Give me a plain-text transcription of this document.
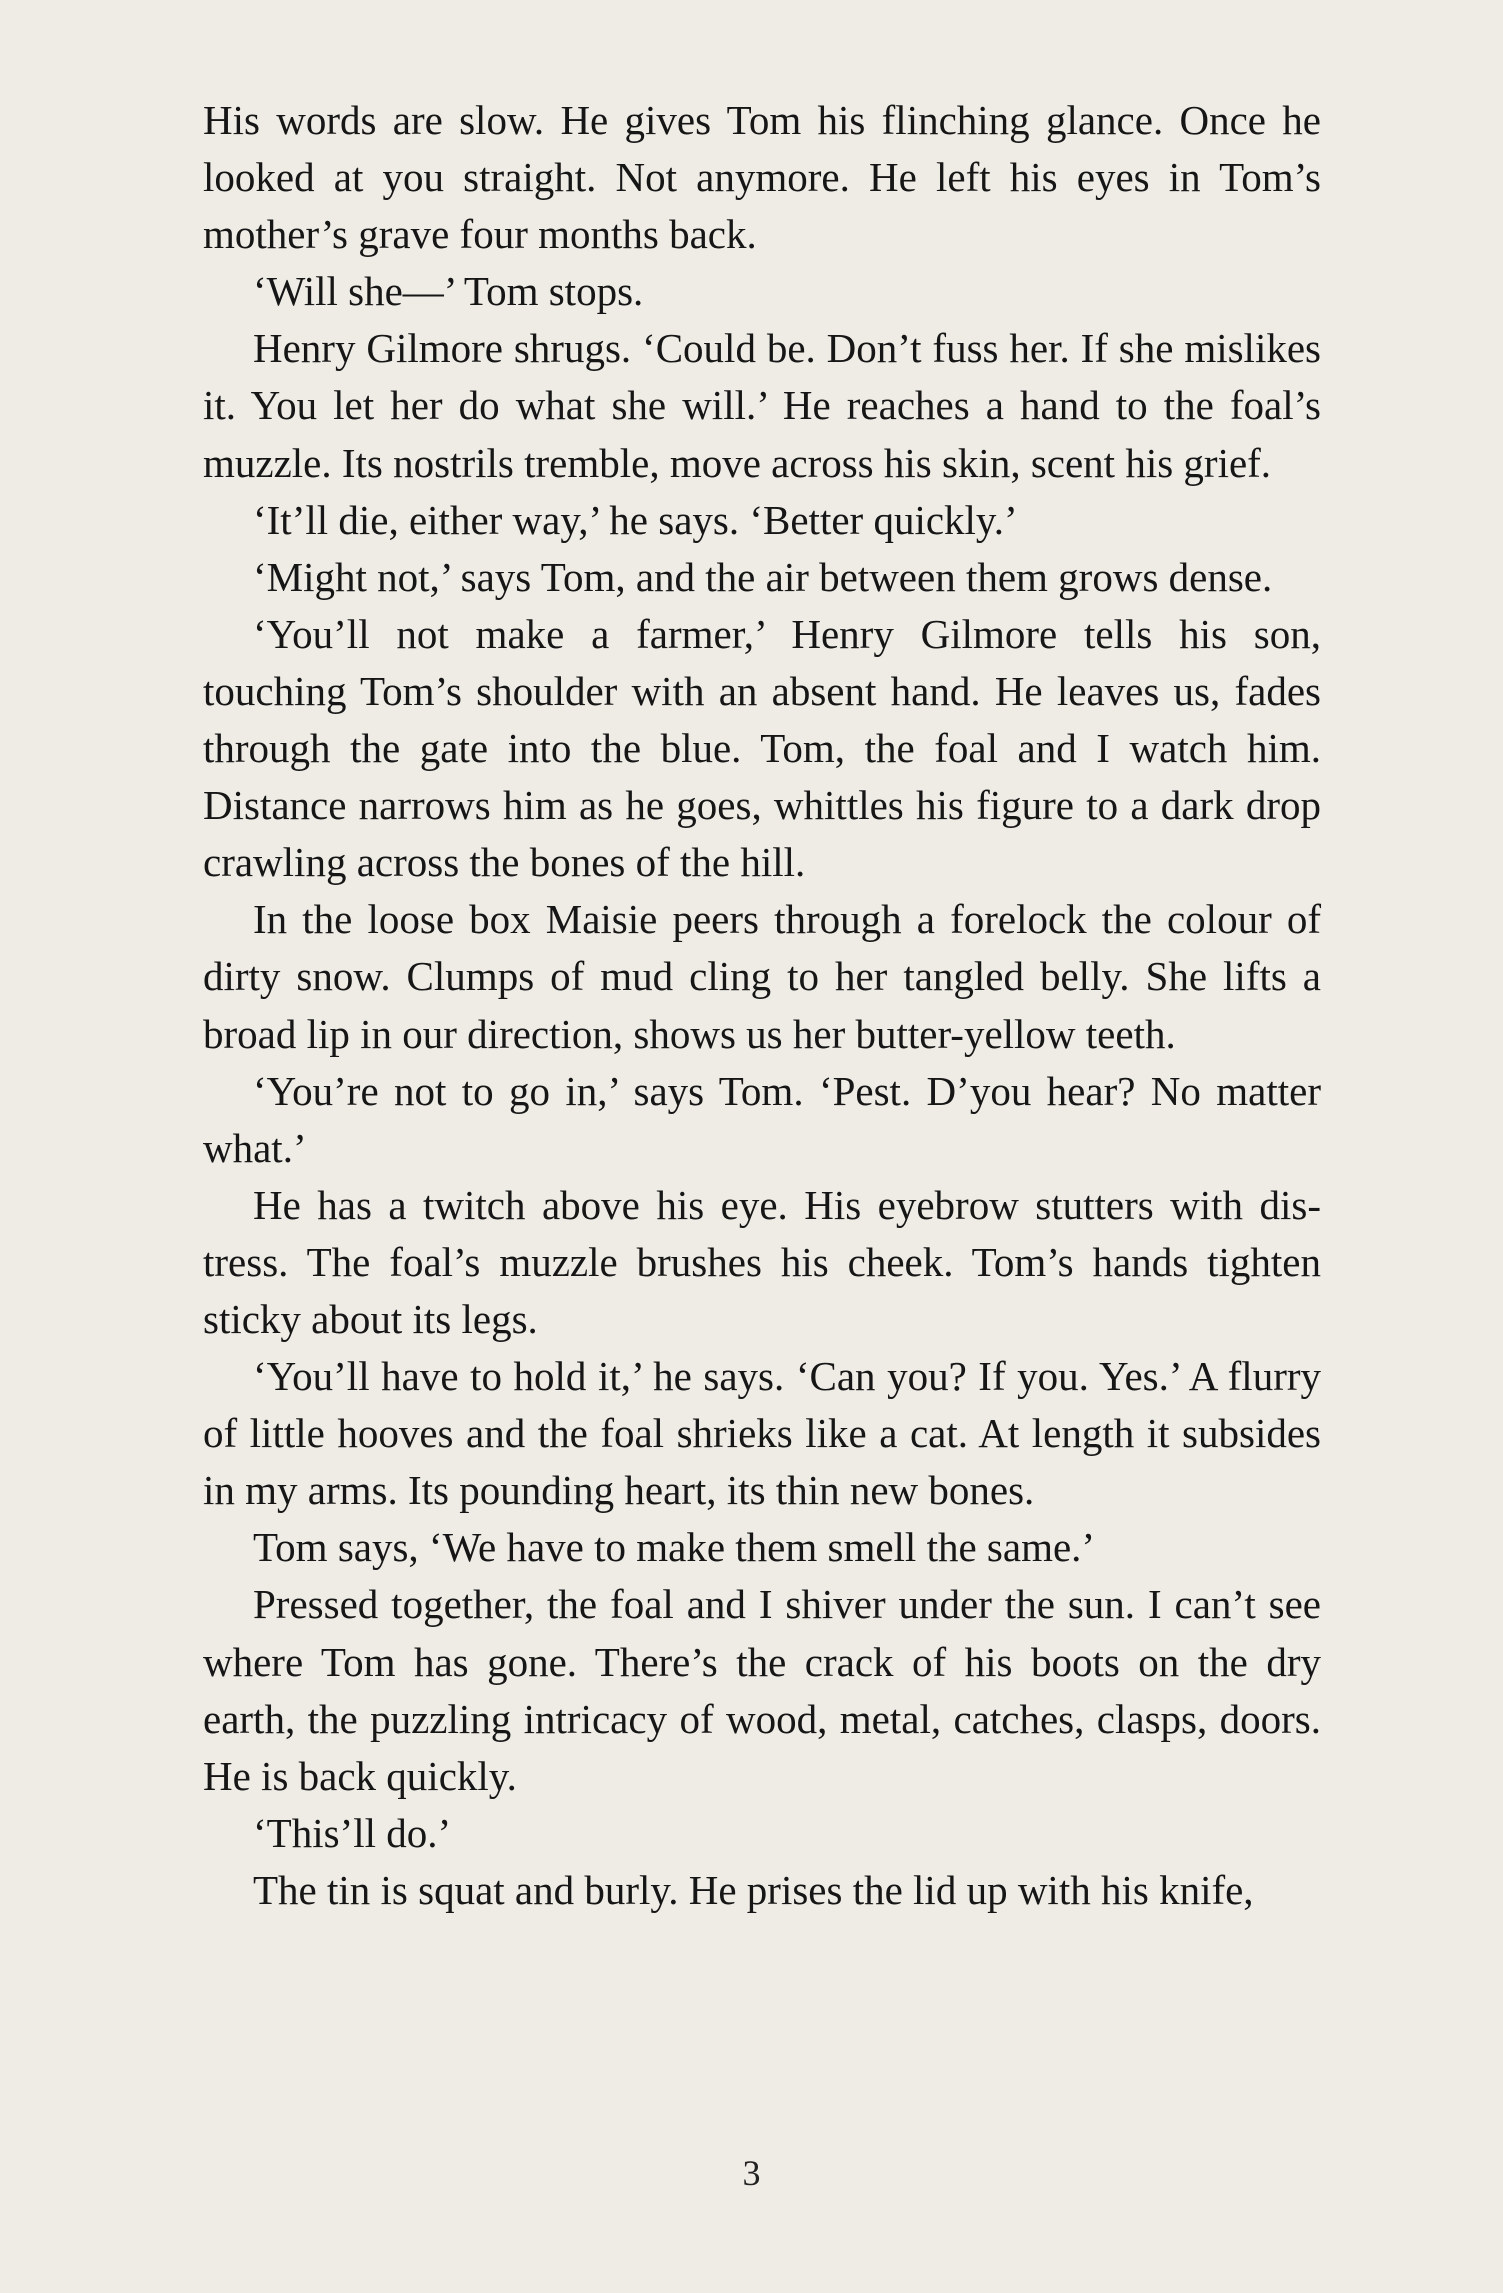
His words are slow. He gives Tom his flinching glance. Once he looked at you straight. Not anymore. He left his eyes in Tom’s mother’s grave four months back.

‘Will she—’ Tom stops.

Henry Gilmore shrugs. ‘Could be. Don’t fuss her. If she mislikes it. You let her do what she will.’ He reaches a hand to the foal’s muzzle. Its nostrils tremble, move across his skin, scent his grief.

‘It’ll die, either way,’ he says. ‘Better quickly.’

‘Might not,’ says Tom, and the air between them grows dense.

‘You’ll not make a farmer,’ Henry Gilmore tells his son, touching Tom’s shoulder with an absent hand. He leaves us, fades through the gate into the blue. Tom, the foal and I watch him. Distance narrows him as he goes, whittles his figure to a dark drop crawling across the bones of the hill.

In the loose box Maisie peers through a forelock the colour of dirty snow. Clumps of mud cling to her tangled belly. She lifts a broad lip in our direction, shows us her butter-yellow teeth.

‘You’re not to go in,’ says Tom. ‘Pest. D’you hear? No matter what.’

He has a twitch above his eye. His eyebrow stutters with distress. The foal’s muzzle brushes his cheek. Tom’s hands tighten sticky about its legs.

‘You’ll have to hold it,’ he says. ‘Can you? If you. Yes.’ A flurry of little hooves and the foal shrieks like a cat. At length it subsides in my arms. Its pounding heart, its thin new bones.

Tom says, ‘We have to make them smell the same.’

Pressed together, the foal and I shiver under the sun. I can’t see where Tom has gone. There’s the crack of his boots on the dry earth, the puzzling intricacy of wood, metal, catches, clasps, doors. He is back quickly.

‘This’ll do.’

The tin is squat and burly. He prises the lid up with his knife,

3
